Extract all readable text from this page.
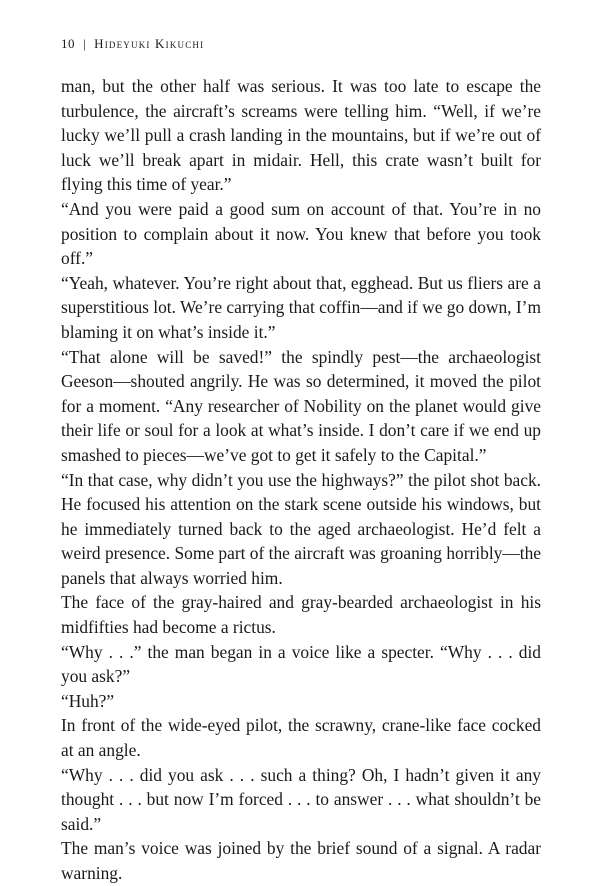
10 | Hideyuki Kikuchi

man, but the other half was serious. It was too late to escape the turbulence, the aircraft’s screams were telling him. “Well, if we’re lucky we’ll pull a crash landing in the mountains, but if we’re out of luck we’ll break apart in midair. Hell, this crate wasn’t built for flying this time of year.”

“And you were paid a good sum on account of that. You’re in no position to complain about it now. You knew that before you took off.”

“Yeah, whatever. You’re right about that, egghead. But us fliers are a superstitious lot. We’re carrying that coffin—and if we go down, I’m blaming it on what’s inside it.”

“That alone will be saved!” the spindly pest—the archaeologist Geeson—shouted angrily. He was so determined, it moved the pilot for a moment. “Any researcher of Nobility on the planet would give their life or soul for a look at what’s inside. I don’t care if we end up smashed to pieces—we’ve got to get it safely to the Capital.”

“In that case, why didn’t you use the highways?” the pilot shot back. He focused his attention on the stark scene outside his windows, but he immediately turned back to the aged archaeologist. He’d felt a weird presence. Some part of the aircraft was groaning horribly—the panels that always worried him.

The face of the gray-haired and gray-bearded archaeologist in his midfifties had become a rictus.

“Why . . .” the man began in a voice like a specter. “Why . . . did you ask?”

“Huh?”

In front of the wide-eyed pilot, the scrawny, crane-like face cocked at an angle.

“Why . . . did you ask . . . such a thing? Oh, I hadn’t given it any thought . . . but now I’m forced . . . to answer . . . what shouldn’t be said.”

The man’s voice was joined by the brief sound of a signal. A radar warning.
